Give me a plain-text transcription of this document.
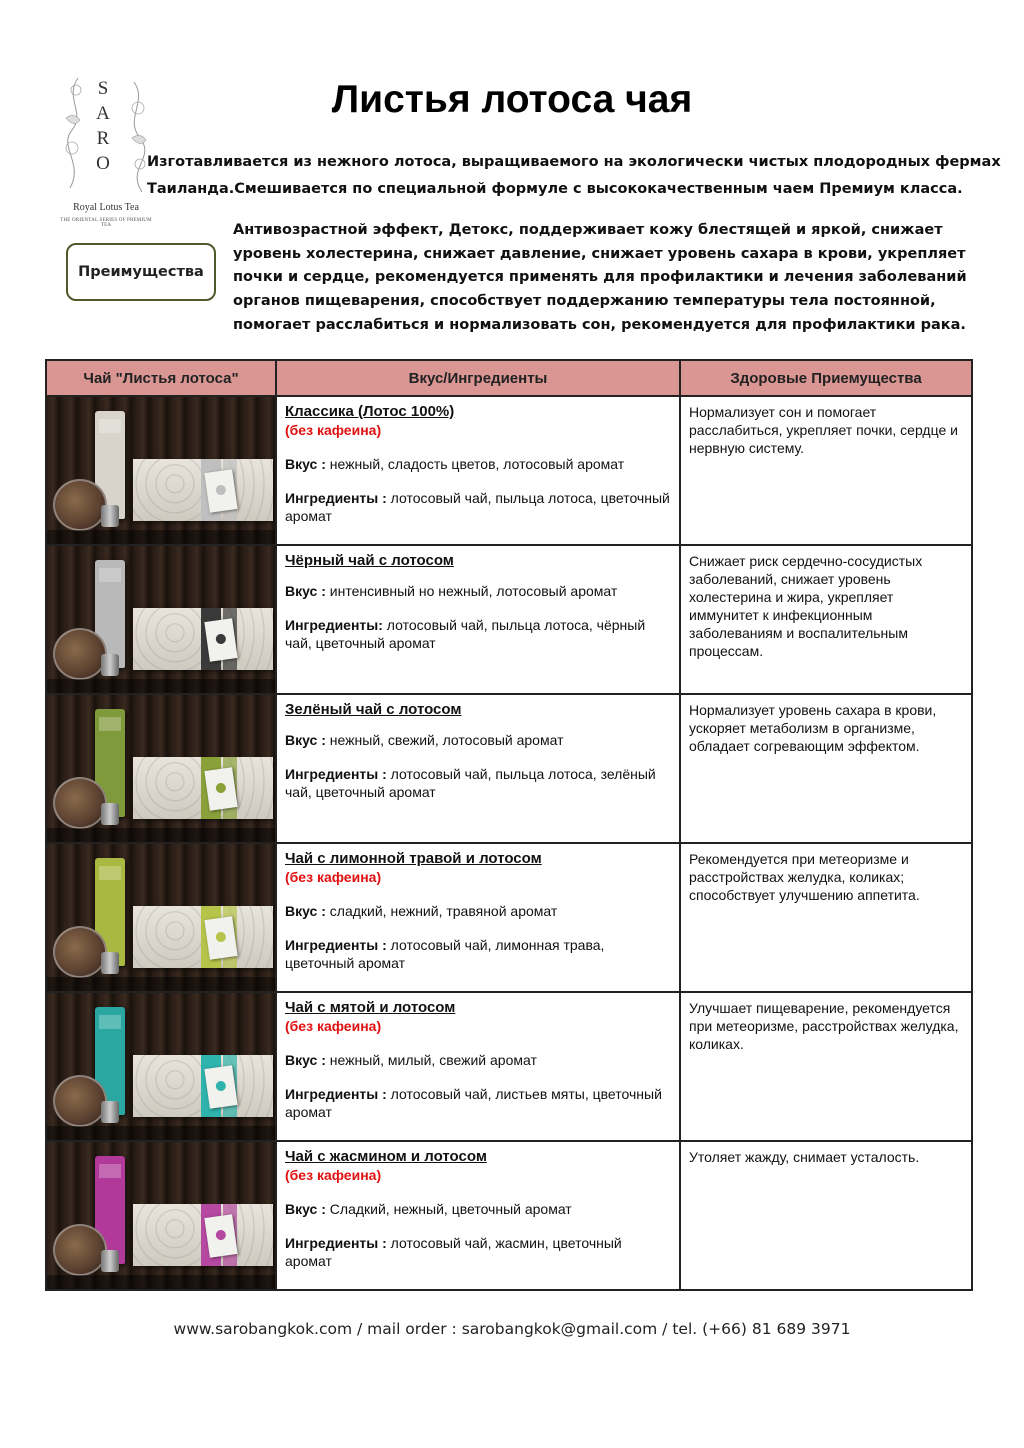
S
A
R
O
Royal Lotus Tea
THE ORIENTAL SERIES OF PREMIUM TEA
Листья лотоса чая
Изготавливается из нежного лотоса, выращиваемого на экологически чистых плодородных фермах Таиланда.Смешивается по специальной формуле с высококачественным чаем Премиум класса.
Преимущества
Антивозрастной эффект, Детокс, поддерживает кожу блестящей и яркой, снижает уровень холестерина, снижает давление, снижает уровень сахара в крови, укрепляет почки и сердце, рекомендуется применять для профилактики и лечения заболеваний органов пищеварения, способствует поддержанию температуры тела постоянной, помогает расслабиться и нормализовать сон, рекомендуется для профилактики рака.
Чай "Листья лотоса"	Вкус/Ингредиенты	Здоровые Приемущества

	Классика (Лотос 100%)
(без кафеина)
Вкус : нежный, сладость цветов, лотосовый аромат
Ингредиенты : лотосовый чай, пыльца лотоса, цветочный аромат	Нормализует сон и помогает расслабиться, укрепляет почки, сердце и нервную систему.

	Чёрный чай с лотосом
Вкус : интенсивный но нежный, лотосовый аромат
Ингредиенты: лотосовый чай, пыльца лотоса, чёрный чай, цветочный аромат	Снижает риск сердечно-сосудистых заболеваний, снижает уровень холестерина и жира, укрепляет иммунитет к инфекционным заболеваниям и воспалительным процессам.

	Зелёный чай с лотосом
Вкус : нежный, свежий, лотосовый аромат
Ингредиенты : лотосовый чай, пыльца лотоса, зелёный чай, цветочный аромат	Нормализует уровень сахара в крови, ускоряет метаболизм в организме, обладает согревающим эффектом.

	Чай с лимонной травой и лотосом
(без кафеина)
Вкус : сладкий, нежний, травяной аромат
Ингредиенты : лотосовый чай, лимонная трава, цветочный аромат	Рекомендуется при метеоризме и расстройствах желудка, коликах; способствует улучшению аппетита.

	Чай с мятой и лотосом
(без кафеина)
Вкус : нежный, милый, свежий аромат
Ингредиенты : лотосовый чай, листьев мяты, цветочный аромат	Улучшает пищеварение, рекомендуется при метеоризме, расстройствах желудка, коликах.

	Чай с жасмином и лотосом
(без кафеина)
Вкус : Сладкий, нежный, цветочный аромат
Ингредиенты : лотосовый чай, жасмин, цветочный аромат	Утоляет жажду, снимает усталость.
www.sarobangkok.com / mail order : sarobangkok@gmail.com / tel. (+66) 81 689 3971
